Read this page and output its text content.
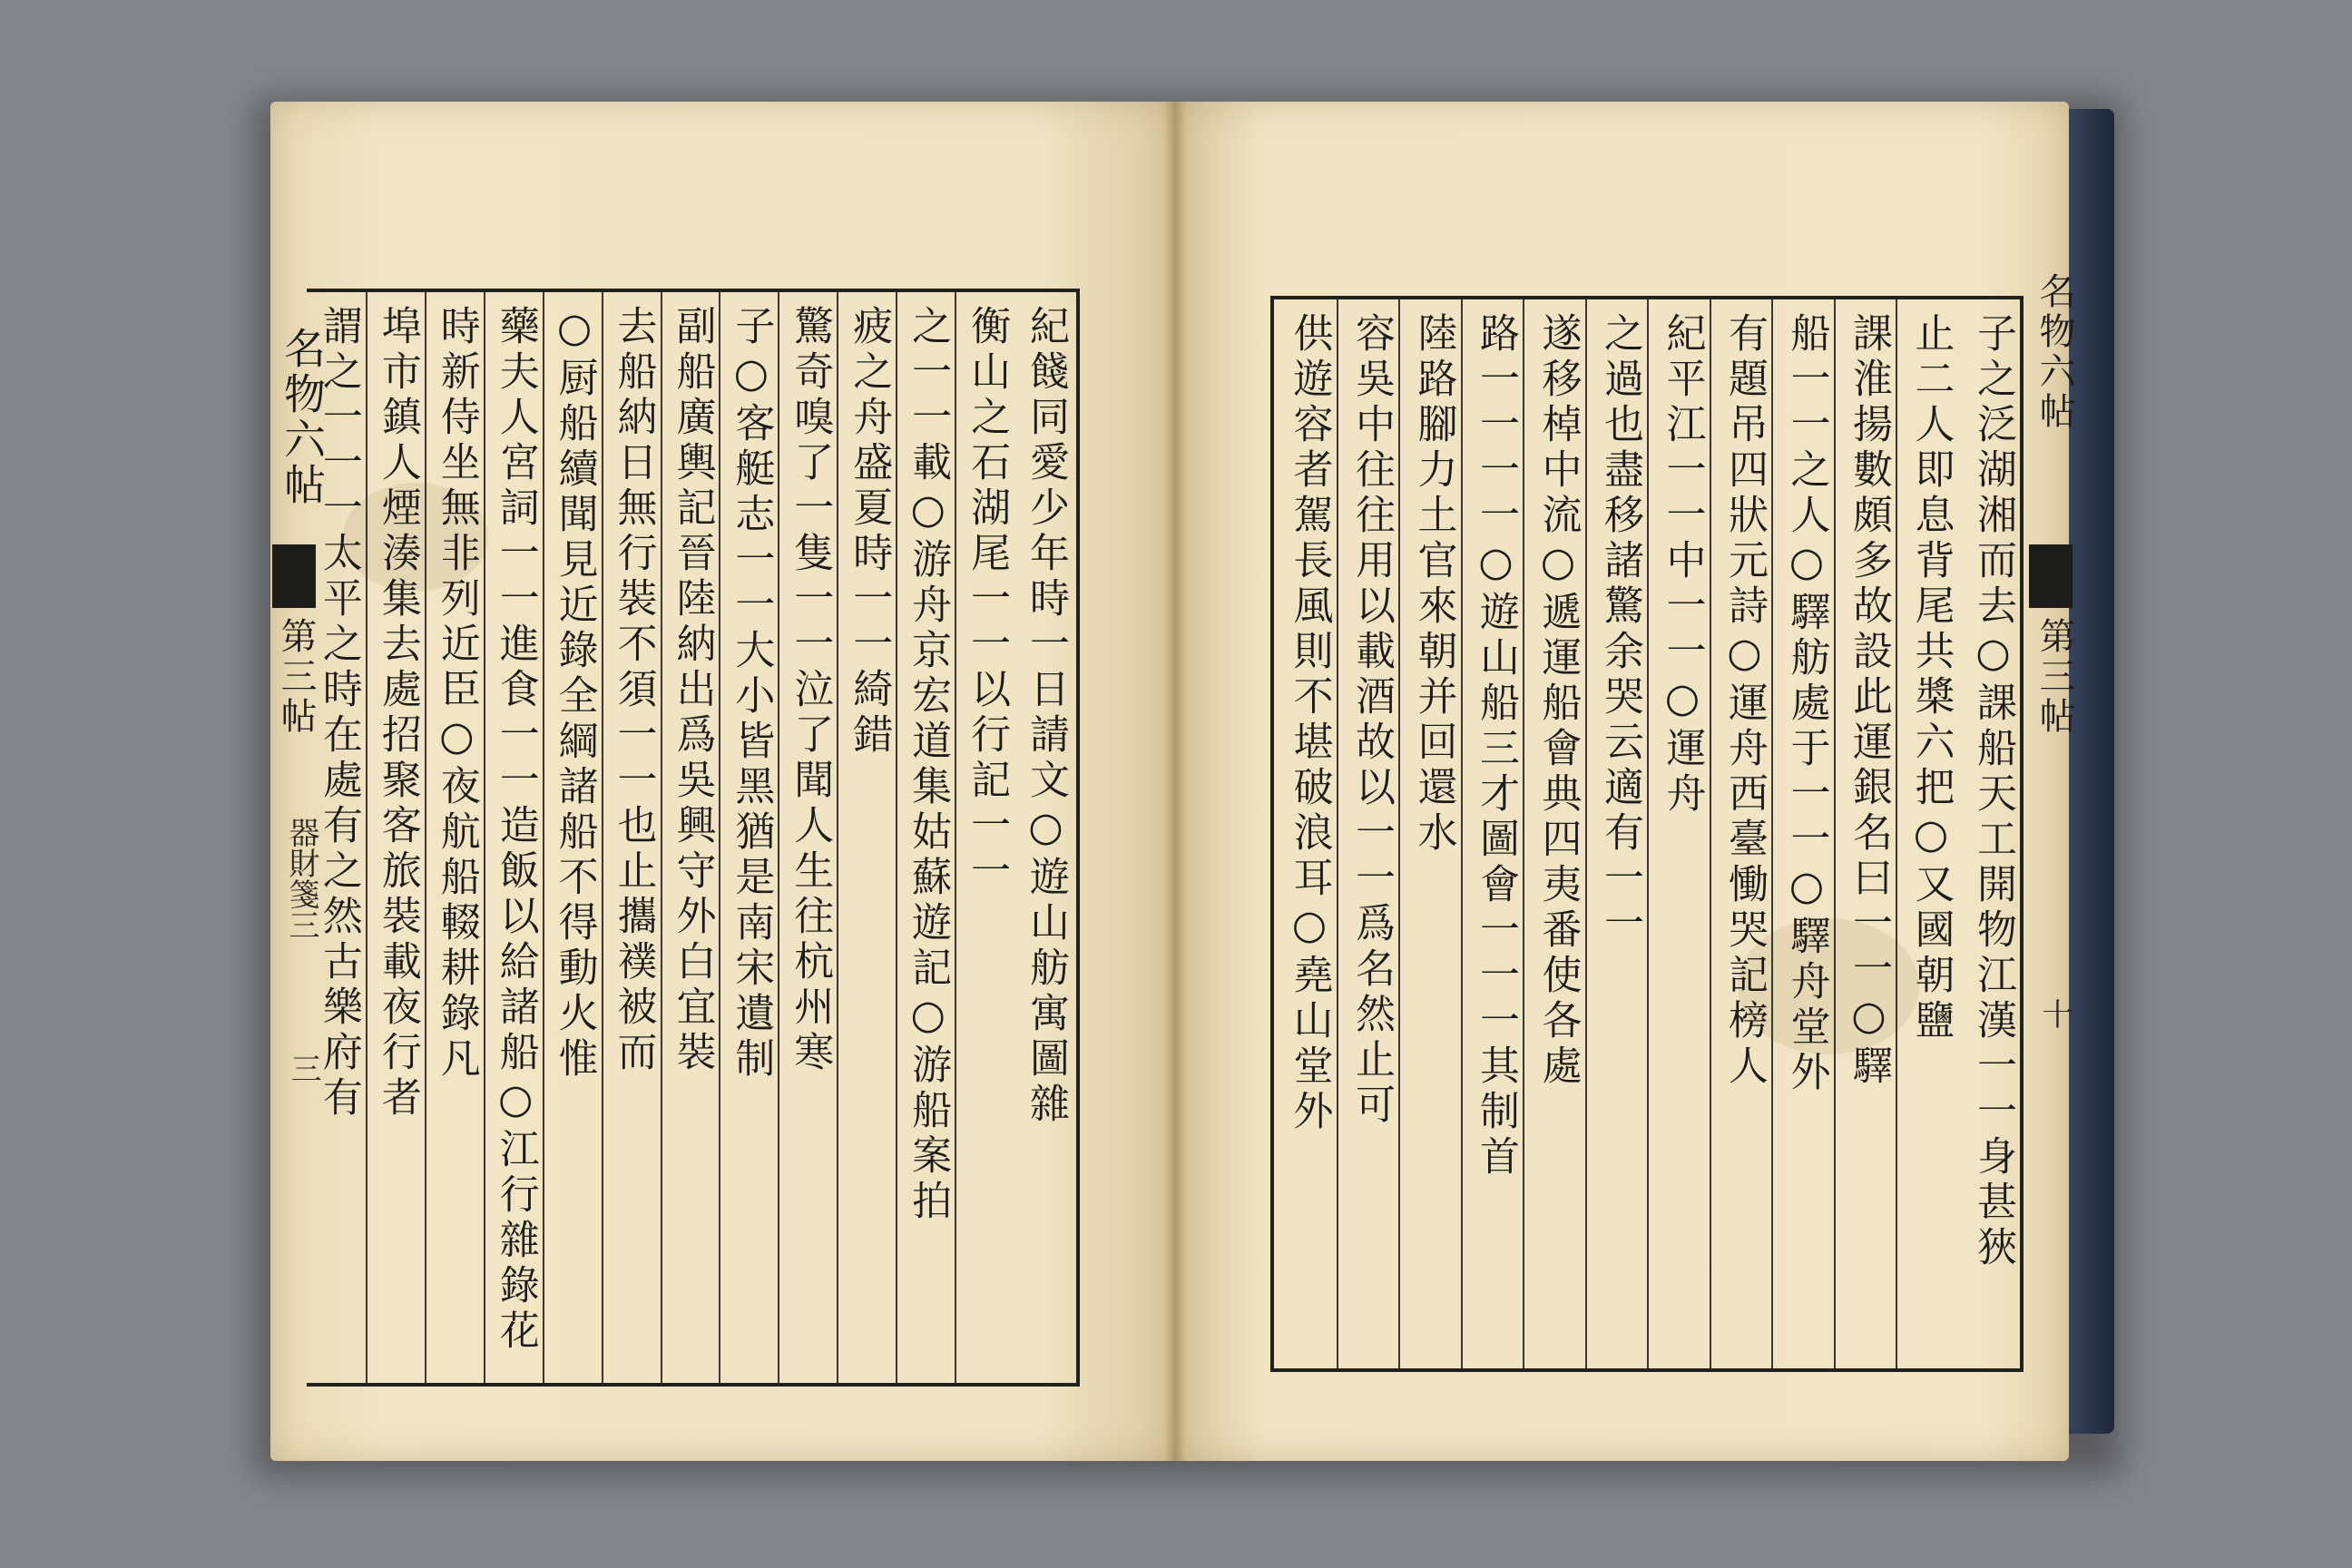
名物六帖
第三帖
器財箋三
三	紀餞同愛少年時一日請文○遊山舫寓圖雜
衡山之石湖尾一一以行記一一
之一一載○游舟京宏道集姑蘇遊記○游船案拍
疲之舟盛夏時一一綺錯
驚奇嗅了一隻一一泣了聞人生往杭州寒
子○客艇志一一大小皆黑猶是南宋遺制
副船廣輿記晉陸納出爲吳興守外白宜裝
去船納日無行裝不須一一也止攜襆被而
○厨船續聞見近錄全綱諸船不得動火惟
藥夫人宮詞一一進食一一造飯以給諸船○江行雜錄花
時新侍坐無非列近臣○夜航船輟耕錄凡
埠市鎮人煙湊集去處招聚客旅裝載夜行者
謂之一一一太平之時在處有之然古樂府有	名物六帖
第三帖
十
子之泛湖湘而去○課船天工開物江漢一一身甚狹
止二人即息背尾共槳六把○又國朝鹽
課淮揚數頗多故設此運銀名曰一一○驛
船一一之人○驛舫處于一一○驛舟堂外
有題吊四狀元詩○運舟西臺慟哭記榜人
紀平江一一中一一○運舟
之過也盡移諸驚余哭云適有一一
遂移棹中流○遞運船會典四夷番使各處
路一一一一○遊山船三才圖會一一一其制首
陸路腳力土官來朝并回還水
容吳中往往用以載酒故以一一爲名然止可
供遊容者駕長風則不堪破浪耳○堯山堂外
